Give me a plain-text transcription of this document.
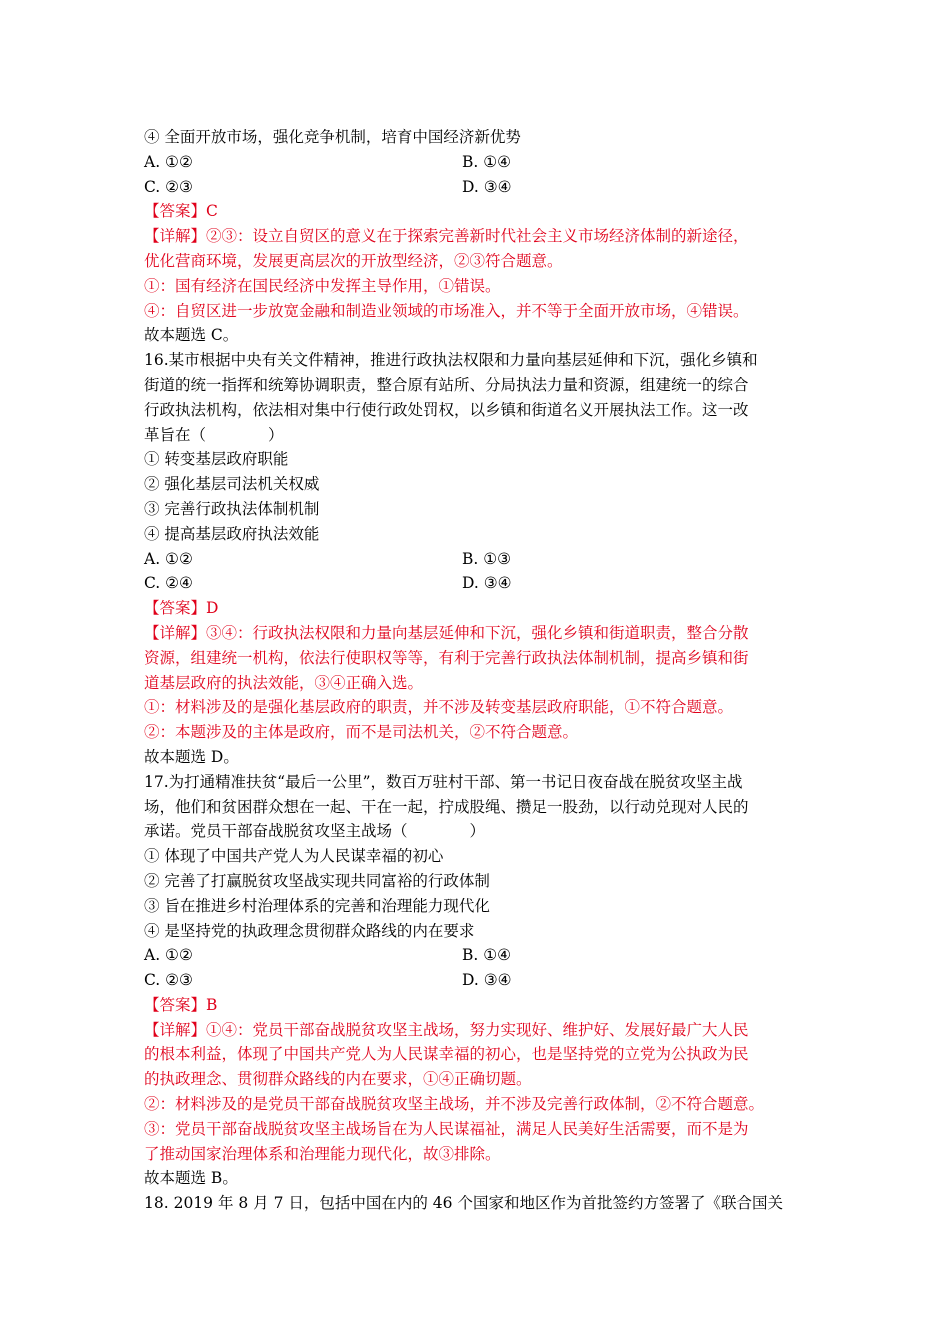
④ 全面开放市场，强化竞争机制，培育中国经济新优势
A. ①②	B. ①④
C. ②③	D. ③④
【答案】C
【详解】②③：设立自贸区的意义在于探索完善新时代社会主义市场经济体制的新途径，
优化营商环境，发展更高层次的开放型经济，②③符合题意。
①：国有经济在国民经济中发挥主导作用，①错误。
④：自贸区进一步放宽金融和制造业领域的市场准入，并不等于全面开放市场，④错误。
故本题选 C。
16.某市根据中央有关文件精神，推进行政执法权限和力量向基层延伸和下沉，强化乡镇和
街道的统一指挥和统筹协调职责，整合原有站所、分局执法力量和资源，组建统一的综合
行政执法机构，依法相对集中行使行政处罚权，以乡镇和街道名义开展执法工作。这一改
革旨在（　　　　）
① 转变基层政府职能
② 强化基层司法机关权威
③ 完善行政执法体制机制
④ 提高基层政府执法效能
A. ①②	B. ①③
C. ②④	D. ③④
【答案】D
【详解】③④：行政执法权限和力量向基层延伸和下沉，强化乡镇和街道职责，整合分散
资源，组建统一机构，依法行使职权等等，有利于完善行政执法体制机制，提高乡镇和街
道基层政府的执法效能，③④正确入选。
①：材料涉及的是强化基层政府的职责，并不涉及转变基层政府职能，①不符合题意。
②：本题涉及的主体是政府，而不是司法机关，②不符合题意。
故本题选 D。
17.为打通精准扶贫“最后一公里”，数百万驻村干部、第一书记日夜奋战在脱贫攻坚主战
场，他们和贫困群众想在一起、干在一起，拧成股绳、攒足一股劲，以行动兑现对人民的
承诺。党员干部奋战脱贫攻坚主战场（　　　　）
① 体现了中国共产党人为人民谋幸福的初心
② 完善了打赢脱贫攻坚战实现共同富裕的行政体制
③ 旨在推进乡村治理体系的完善和治理能力现代化
④ 是坚持党的执政理念贯彻群众路线的内在要求
A. ①②	B. ①④
C. ②③	D. ③④
【答案】B
【详解】①④：党员干部奋战脱贫攻坚主战场，努力实现好、维护好、发展好最广大人民
的根本利益，体现了中国共产党人为人民谋幸福的初心，也是坚持党的立党为公执政为民
的执政理念、贯彻群众路线的内在要求，①④正确切题。
②：材料涉及的是党员干部奋战脱贫攻坚主战场，并不涉及完善行政体制，②不符合题意。
③：党员干部奋战脱贫攻坚主战场旨在为人民谋福祉，满足人民美好生活需要，而不是为
了推动国家治理体系和治理能力现代化，故③排除。
故本题选 B。
18. 2019 年 8 月 7 日，包括中国在内的 46 个国家和地区作为首批签约方签署了《联合国关
